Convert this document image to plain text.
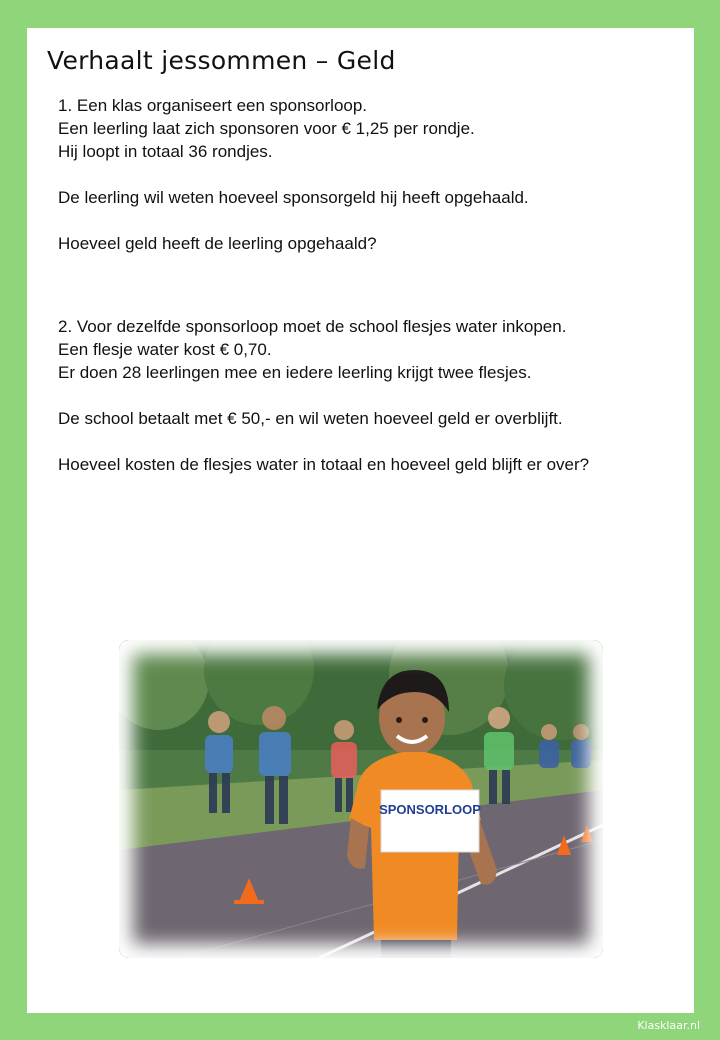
Verhaalt jessommen – Geld
1. Een klas organiseert een sponsorloop.
Een leerling laat zich sponsoren voor € 1,25 per rondje.
Hij loopt in totaal 36 rondjes.
De leerling wil weten hoeveel sponsorgeld hij heeft opgehaald.
Hoeveel geld heeft de leerling opgehaald?
2. Voor dezelfde sponsorloop moet de school flesjes water inkopen.
Een flesje water kost € 0,70.
Er doen 28 leerlingen mee en iedere leerling krijgt twee flesjes.
De school betaalt met € 50,- en wil weten hoeveel geld er overblijft.
Hoeveel kosten de flesjes water in totaal en hoeveel geld blijft er over?
SPONSORLOOP
Klasklaar.nl
